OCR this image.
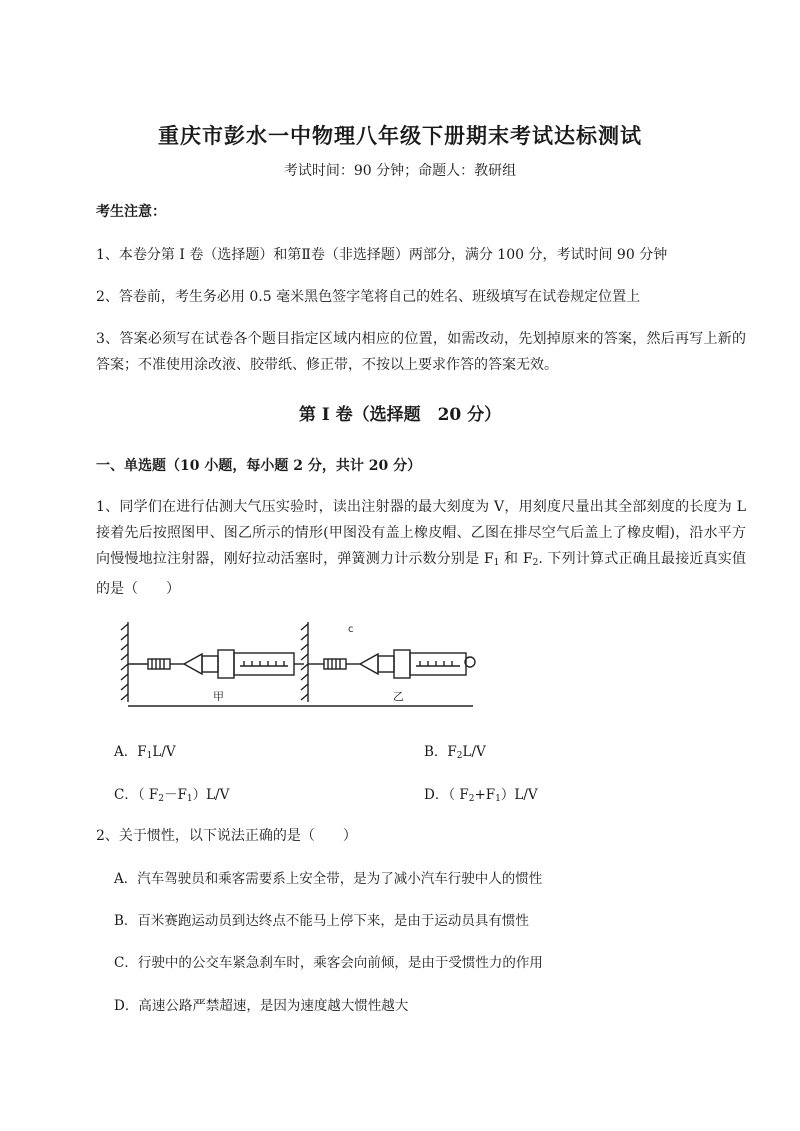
重庆市彭水一中物理八年级下册期末考试达标测试
考试时间：90 分钟；命题人：教研组
考生注意：
1、本卷分第 I 卷（选择题）和第Ⅱ卷（非选择题）两部分，满分 100 分，考试时间 90 分钟
2、答卷前，考生务必用 0.5 毫米黑色签字笔将自己的姓名、班级填写在试卷规定位置上
3、答案必须写在试卷各个题目指定区域内相应的位置，如需改动，先划掉原来的答案，然后再写上新的答案；不准使用涂改液、胶带纸、修正带，不按以上要求作答的答案无效。
第 I 卷（选择题　20 分）
一、单选题（10 小题，每小题 2 分，共计 20 分）
1、同学们在进行估测大气压实验时，读出注射器的最大刻度为 V，用刻度尺量出其全部刻度的长度为 L 接着先后按照图甲、图乙所示的情形(甲图没有盖上橡皮帽、乙图在排尽空气后盖上了橡皮帽)，沿水平方向慢慢地拉注射器，刚好拉动活塞时，弹簧测力计示数分别是 $F_1$ 和 $F_2$. 下列计算式正确且最接近真实值的是（　　）
甲	乙
c
A．$F_1L/V$	B．$F_2L/V$
C．（ $F_2-F_1)L/V$	D．（ $F_2+F_1)L/V$
2、关于惯性，以下说法正确的是（　　）
A．汽车驾驶员和乘客需要系上安全带，是为了减小汽车行驶中人的惯性
B．百米赛跑运动员到达终点不能马上停下来，是由于运动员具有惯性
C．行驶中的公交车紧急刹车时，乘客会向前倾，是由于受惯性力的作用
D．高速公路严禁超速，是因为速度越大惯性越大
